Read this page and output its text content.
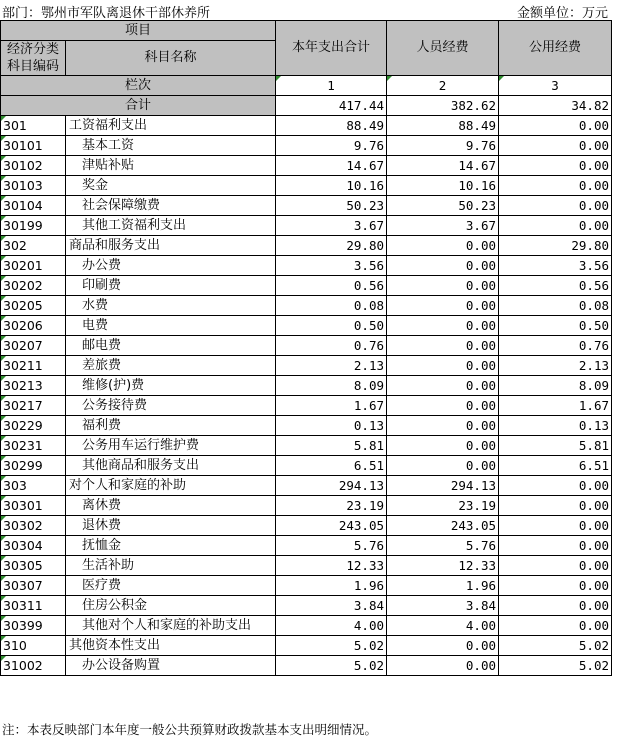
部门：鄂州市军队离退休干部休养所	金额单位：万元
项目		本年支出合计	人员经费	公用经费

经济分类
科目编码	科目名称			
栏次		1	2	3
合计		417.44	382.62	34.82
301	工资福利支出	88.49	88.49	0.00
30101	基本工资	9.76	9.76	0.00
30102	津贴补贴	14.67	14.67	0.00
30103	奖金	10.16	10.16	0.00
30104	社会保障缴费	50.23	50.23	0.00
30199	其他工资福利支出	3.67	3.67	0.00
302	商品和服务支出	29.80	0.00	29.80
30201	办公费	3.56	0.00	3.56
30202	印刷费	0.56	0.00	0.56
30205	水费	0.08	0.00	0.08
30206	电费	0.50	0.00	0.50
30207	邮电费	0.76	0.00	0.76
30211	差旅费	2.13	0.00	2.13
30213	维修(护)费	8.09	0.00	8.09
30217	公务接待费	1.67	0.00	1.67
30229	福利费	0.13	0.00	0.13
30231	公务用车运行维护费	5.81	0.00	5.81
30299	其他商品和服务支出	6.51	0.00	6.51
303	对个人和家庭的补助	294.13	294.13	0.00
30301	离休费	23.19	23.19	0.00
30302	退休费	243.05	243.05	0.00
30304	抚恤金	5.76	5.76	0.00
30305	生活补助	12.33	12.33	0.00
30307	医疗费	1.96	1.96	0.00
30311	住房公积金	3.84	3.84	0.00
30399	其他对个人和家庭的补助支出	4.00	4.00	0.00
310	其他资本性支出	5.02	0.00	5.02
31002	办公设备购置	5.02	0.00	5.02
注：本表反映部门本年度一般公共预算财政拨款基本支出明细情况。
